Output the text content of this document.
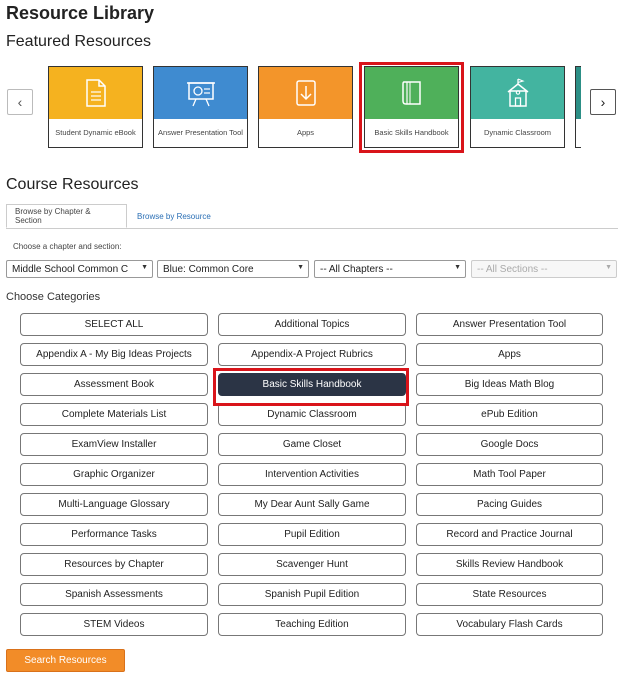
Resource Library
Featured Resources
‹
Student Dynamic eBook	Answer Presentation Tool	Apps	Basic Skills Handbook	Dynamic Classroom
›
Course Resources
Browse by Chapter & Section	Browse by Resource
Choose a chapter and section:
Middle School Common C ▼ Blue: Common Core	▼ -- All Chapters --	▼ -- All Sections --	▼
Choose Categories
SELECT ALL	Additional Topics	Answer Presentation Tool
Appendix A - My Big Ideas Projects	Appendix-A Project Rubrics	Apps
Assessment Book	Basic Skills Handbook	Big Ideas Math Blog
Complete Materials List	Dynamic Classroom	ePub Edition
ExamView Installer	Game Closet	Google Docs
Graphic Organizer	Intervention Activities	Math Tool Paper
Multi-Language Glossary	My Dear Aunt Sally Game	Pacing Guides
Performance Tasks	Pupil Edition	Record and Practice Journal
Resources by Chapter	Scavenger Hunt	Skills Review Handbook
Spanish Assessments	Spanish Pupil Edition	State Resources
STEM Videos	Teaching Edition	Vocabulary Flash Cards
Search Resources
